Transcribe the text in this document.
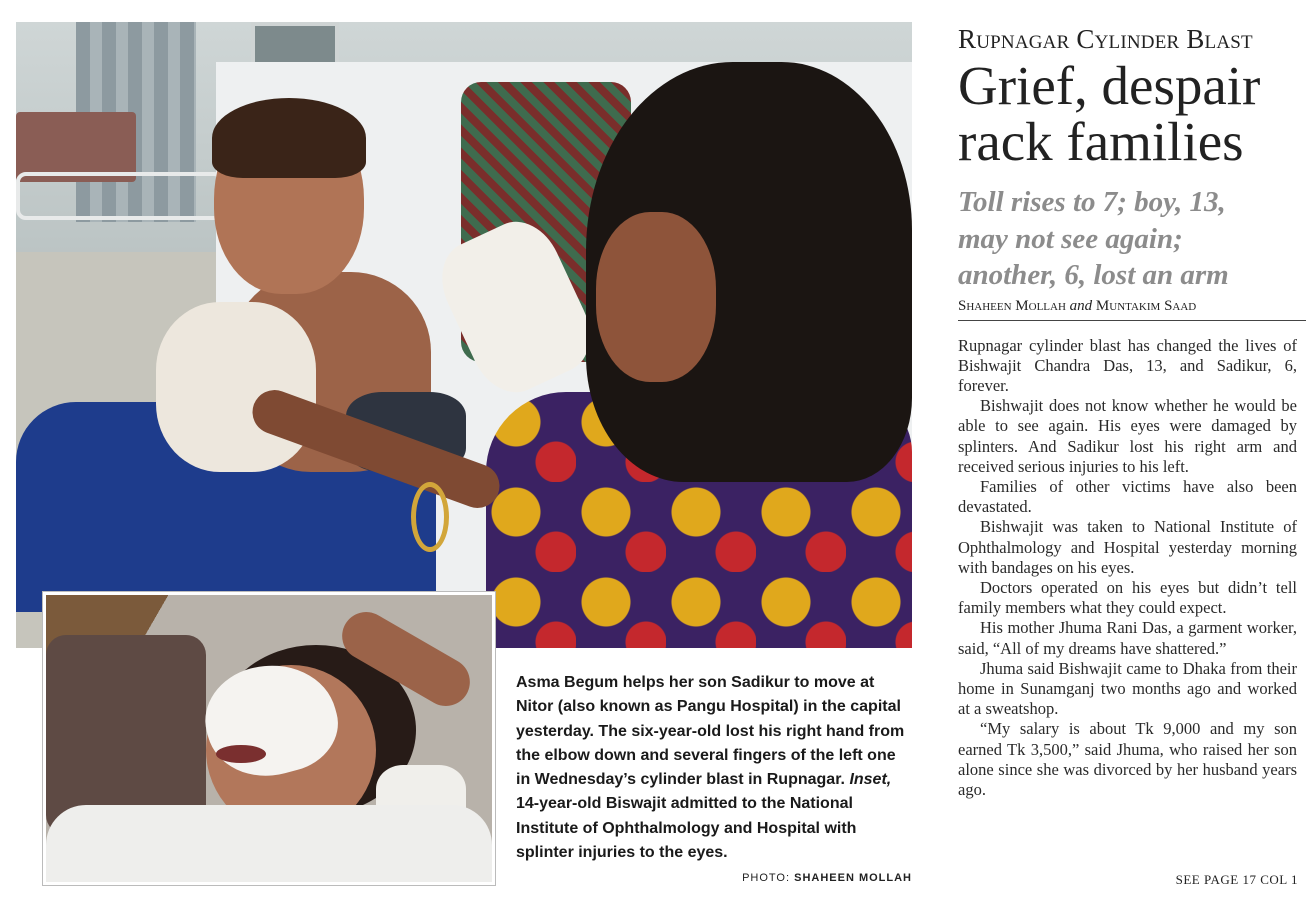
Asma Begum helps her son Sadikur to move at Nitor (also known as Pangu Hospital) in the capital yesterday. The six-year-old lost his right hand from the elbow down and several fingers of the left one in Wednesday’s cylinder blast in Rupnagar. Inset, 14-year-old Biswajit admitted to the National Institute of Ophthalmology and Hospital with splinter injuries to the eyes.

PHOTO: SHAHEEN MOLLAH
Rupnagar Cylinder Blast
Grief, despair rack families
Toll rises to 7; boy, 13, may not see again; another, 6, lost an arm
Shaheen Mollah and Muntakim Saad

Rupnagar cylinder blast has changed the lives of Bishwajit Chandra Das, 13, and Sadikur, 6, forever.

Bishwajit does not know whether he would be able to see again. His eyes were damaged by splinters. And Sadikur lost his right arm and received serious injuries to his left.

Families of other victims have also been devastated.

Bishwajit was taken to National Institute of Ophthalmology and Hospital yesterday morning with bandages on his eyes.

Doctors operated on his eyes but didn’t tell family members what they could expect.

His mother Jhuma Rani Das, a garment worker, said, “All of my dreams have shattered.”

Jhuma said Bishwajit came to Dhaka from their home in Sunamganj two months ago and worked at a sweatshop.

“My salary is about Tk 9,000 and my son earned Tk 3,500,” said Jhuma, who raised her son alone since she was divorced by her husband years ago.

SEE PAGE 17 COL 1
